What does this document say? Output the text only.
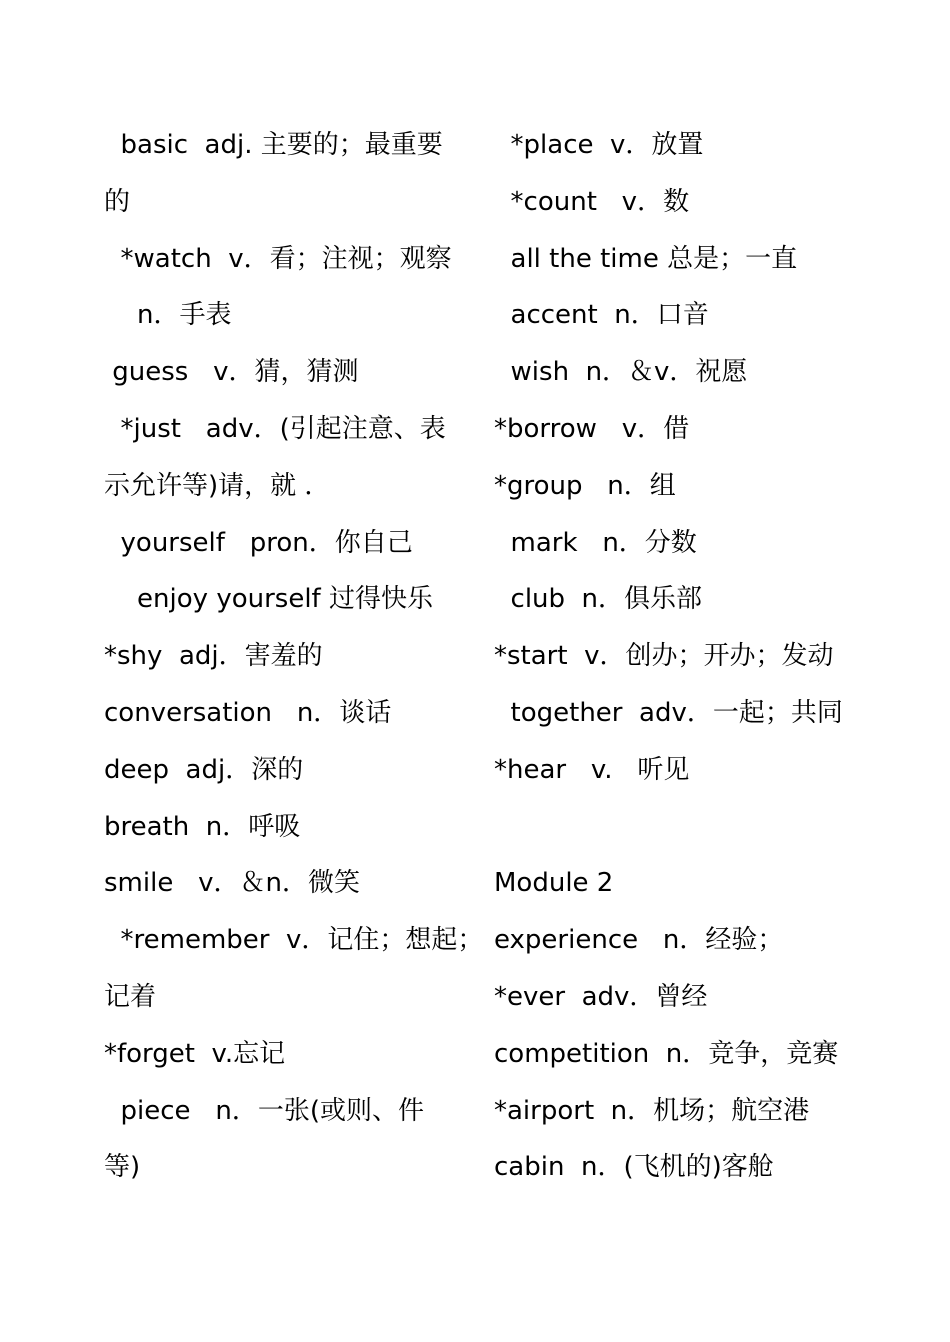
basic  adj. 主要的；最重要
的
*watch  v．看；注视；观察
n．手表
guess   v．猜，猜测
*just   adv．(引起注意、表
示允许等)请，就 ．
yourself   pron．你自己
enjoy yourself 过得快乐
*shy  adj．害羞的
conversation   n．谈话
deep  adj．深的
breath  n．呼吸
smile   v．＆n．微笑
*remember  v．记住；想起；
记着
*forget  v.忘记
piece   n．一张(或则、件
等)
*place  v．放置
*count   v．数
all the time 总是；一直
accent  n．口音
wish  n．＆v．祝愿
*borrow   v．借
*group   n．组
mark   n．分数
club  n．俱乐部
*start  v．创办；开办；发动
together  adv．一起；共同
*hear   v.   听见
Module 2
experience   n．经验；
*ever  adv．曾经
competition  n．竞争，竞赛
*airport  n．机场；航空港
cabin  n．(飞机的)客舱
